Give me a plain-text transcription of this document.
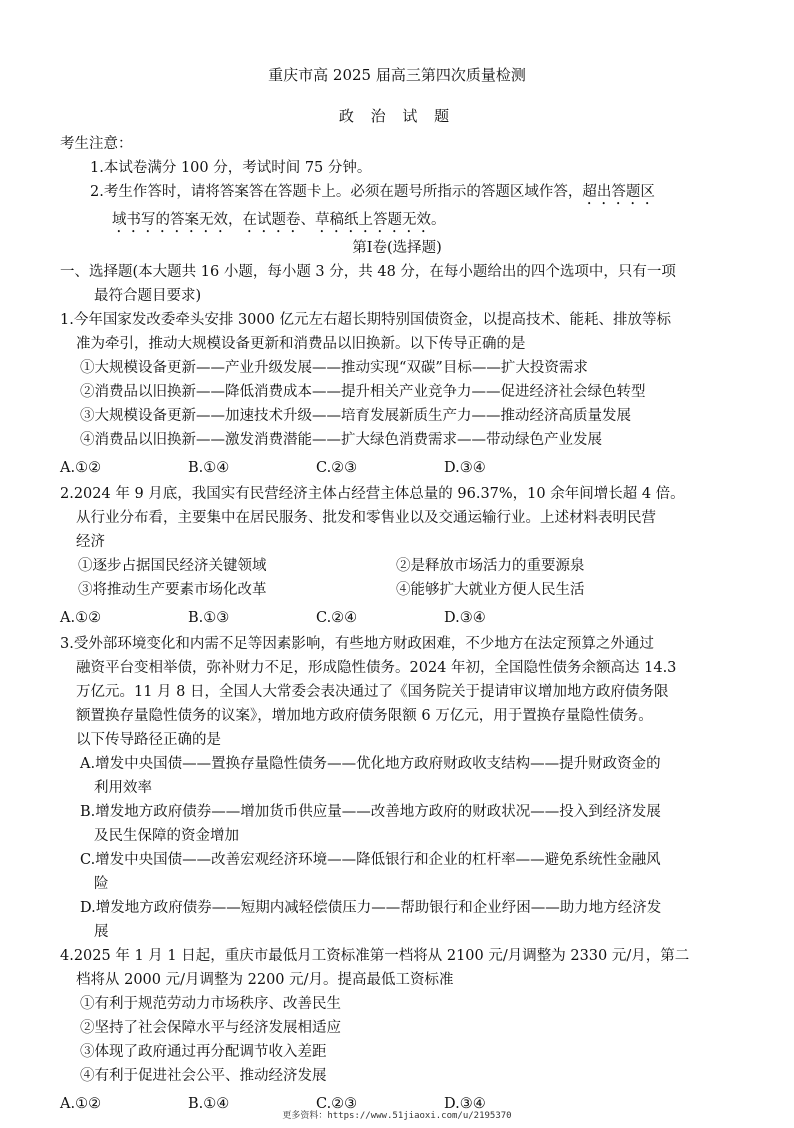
重庆市高 2025 届高三第四次质量检测
政 治 试 题
考生注意：
1.本试卷满分 100 分，考试时间 75 分钟。
2.考生作答时，请将答案答在答题卡上。必须在题号所指示的答题区域作答，超出答题区
域书写的答案无效，在试题卷、草稿纸上答题无效。
第Ⅰ卷(选择题)

一、选择题(本大题共 16 小题，每小题 3 分，共 48 分，在每小题给出的四个选项中，只有一项

最符合题目要求)

1.今年国家发改委牵头安排 3000 亿元左右超长期特别国债资金，以提高技术、能耗、排放等标

准为牵引，推动大规模设备更新和消费品以旧换新。以下传导正确的是

①大规模设备更新——产业升级发展——推动实现“双碳”目标——扩大投资需求

②消费品以旧换新——降低消费成本——提升相关产业竞争力——促进经济社会绿色转型

③大规模设备更新——加速技术升级——培育发展新质生产力——推动经济高质量发展

④消费品以旧换新——激发消费潜能——扩大绿色消费需求——带动绿色产业发展

A.①②	B.①④	C.②③	D.③④

2.2024 年 9 月底，我国实有民营经济主体占经营主体总量的 96.37%，10 余年间增长超 4 倍。

从行业分布看，主要集中在居民服务、批发和零售业以及交通运输行业。上述材料表明民营

经济

①逐步占据国民经济关键领域	②是释放市场活力的重要源泉
③将推动生产要素市场化改革	④能够扩大就业方便人民生活
A.①②	B.①③	C.②④	D.③④

3.受外部环境变化和内需不足等因素影响，有些地方财政困难，不少地方在法定预算之外通过

融资平台变相举债，弥补财力不足，形成隐性债务。2024 年初，全国隐性债务余额高达 14.3

万亿元。11 月 8 日，全国人大常委会表决通过了《国务院关于提请审议增加地方政府债务限

额置换存量隐性债务的议案》，增加地方政府债务限额 6 万亿元，用于置换存量隐性债务。

以下传导路径正确的是

A.增发中央国债——置换存量隐性债务——优化地方政府财政收支结构——提升财政资金的

利用效率

B.增发地方政府债券——增加货币供应量——改善地方政府的财政状况——投入到经济发展

及民生保障的资金增加

C.增发中央国债——改善宏观经济环境——降低银行和企业的杠杆率——避免系统性金融风

险

D.增发地方政府债券——短期内减轻偿债压力——帮助银行和企业纾困——助力地方经济发

展

4.2025 年 1 月 1 日起，重庆市最低月工资标准第一档将从 2100 元/月调整为 2330 元/月，第二

档将从 2000 元/月调整为 2200 元/月。提高最低工资标准

①有利于规范劳动力市场秩序、改善民生

②坚持了社会保障水平与经济发展相适应

③体现了政府通过再分配调节收入差距

④有利于促进社会公平、推动经济发展

A.①②	B.①④	C.②③	D.③④
更多资料：https://www.51jiaoxi.com/u/2195370
